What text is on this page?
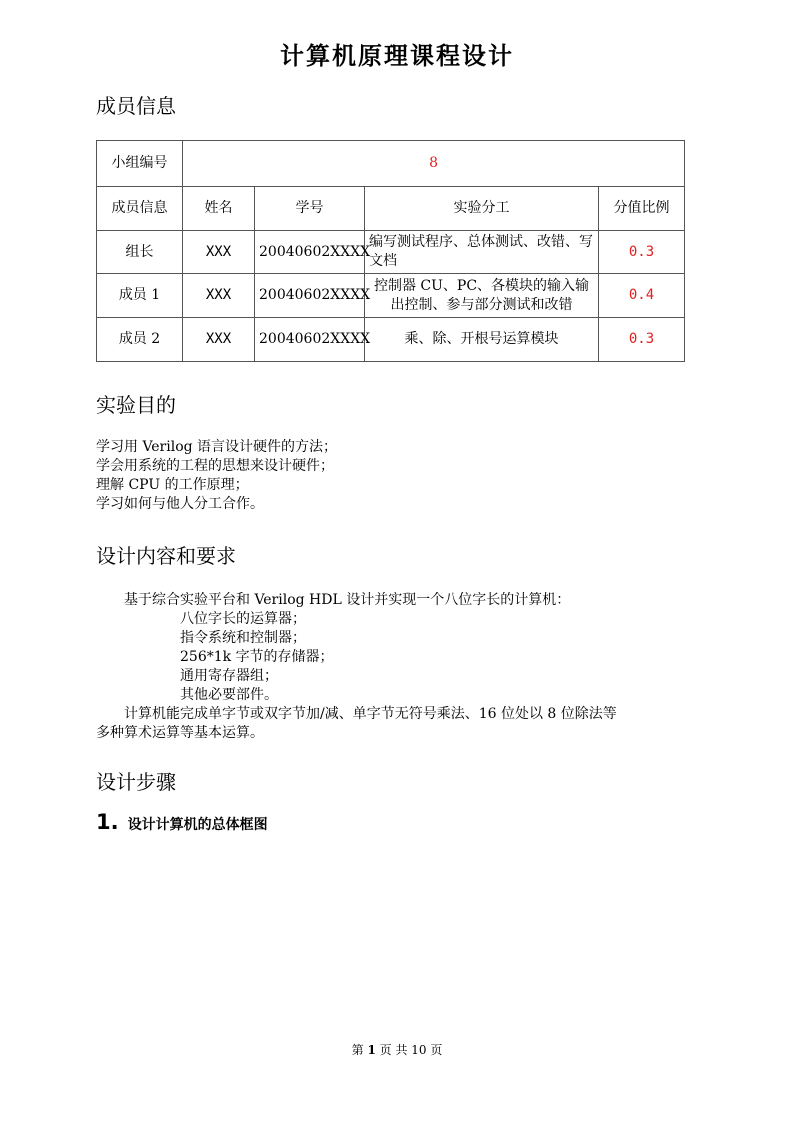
计算机原理课程设计
成员信息
小组编号	8			
成员信息	姓名	学号	实验分工	分值比例
组长	XXX	20040602XXXX	编写测试程序、总体测试、改错、写文档	0.3
成员 1	XXX	20040602XXXX	控制器 CU、PC、各模块的输入输出控制、参与部分测试和改错	0.4
成员 2	XXX	20040602XXXX	乘、除、开根号运算模块	0.3
实验目的
学习用 Verilog 语言设计硬件的方法；
学会用系统的工程的思想来设计硬件；
理解 CPU 的工作原理；
学习如何与他人分工合作。
设计内容和要求
基于综合实验平台和 Verilog HDL 设计并实现一个八位字长的计算机：
八位字长的运算器；
指令系统和控制器；
256*1k 字节的存储器；
通用寄存器组；
其他必要部件。
计算机能完成单字节或双字节加/减、单字节无符号乘法、16 位处以 8 位除法等
多种算术运算等基本运算。
设计步骤
1. 设计计算机的总体框图
第 1 页 共 10 页
